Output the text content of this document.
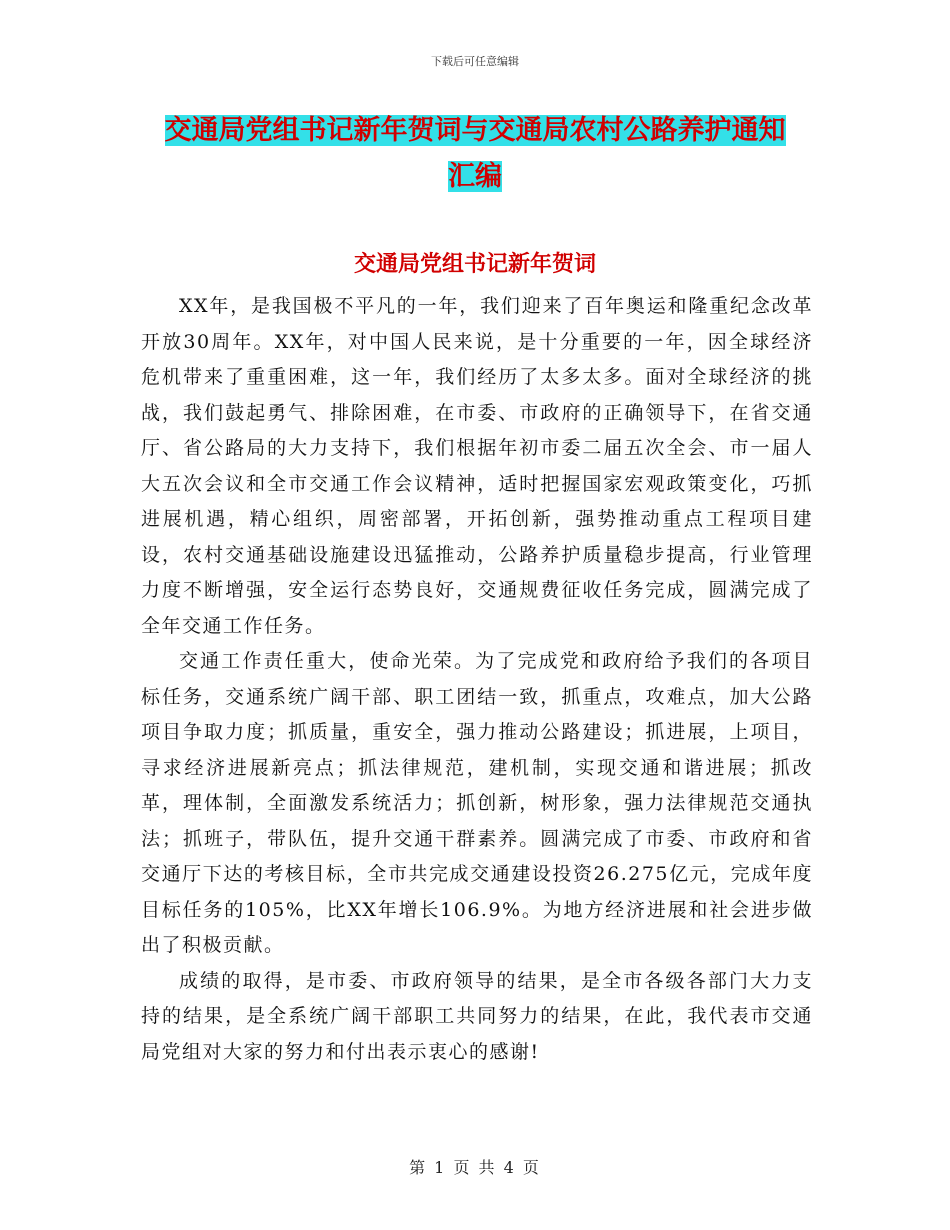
下载后可任意编辑
交通局党组书记新年贺词与交通局农村公路养护通知
汇编
交通局党组书记新年贺词

XX年，是我国极不平凡的一年，我们迎来了百年奥运和隆重纪念改革开放30周年。XX年，对中国人民来说，是十分重要的一年，因全球经济危机带来了重重困难，这一年，我们经历了太多太多。面对全球经济的挑战，我们鼓起勇气、排除困难，在市委、市政府的正确领导下，在省交通厅、省公路局的大力支持下，我们根据年初市委二届五次全会、市一届人大五次会议和全市交通工作会议精神，适时把握国家宏观政策变化，巧抓进展机遇，精心组织，周密部署，开拓创新，强势推动重点工程项目建设，农村交通基础设施建设迅猛推动，公路养护质量稳步提高，行业管理力度不断增强，安全运行态势良好，交通规费征收任务完成，圆满完成了全年交通工作任务。

交通工作责任重大，使命光荣。为了完成党和政府给予我们的各项目标任务，交通系统广阔干部、职工团结一致，抓重点，攻难点，加大公路项目争取力度；抓质量，重安全，强力推动公路建设；抓进展，上项目，寻求经济进展新亮点；抓法律规范，建机制，实现交通和谐进展；抓改革，理体制，全面激发系统活力；抓创新，树形象，强力法律规范交通执法；抓班子，带队伍，提升交通干群素养。圆满完成了市委、市政府和省交通厅下达的考核目标，全市共完成交通建设投资26.275亿元，完成年度目标任务的105%，比XX年增长106.9%。为地方经济进展和社会进步做出了积极贡献。

成绩的取得，是市委、市政府领导的结果，是全市各级各部门大力支持的结果，是全系统广阔干部职工共同努力的结果，在此，我代表市交通局党组对大家的努力和付出表示衷心的感谢!

第 1 页 共 4 页
